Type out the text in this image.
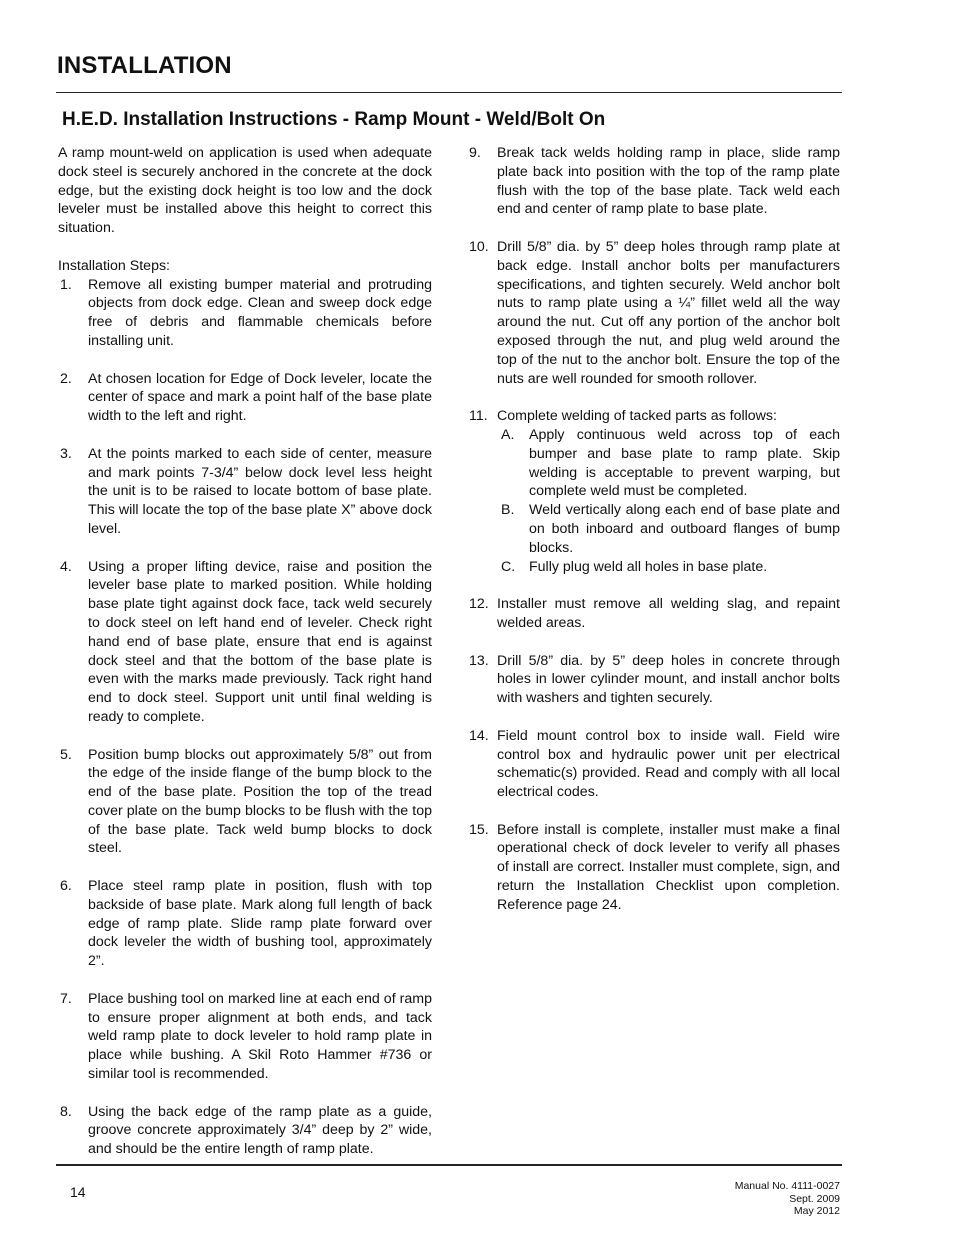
INSTALLATION
H.E.D. Installation Instructions - Ramp Mount - Weld/Bolt On

A ramp mount-weld on application is used when adequate dock steel is securely anchored in the concrete at the dock edge, but the existing dock height is too low and the dock leveler must be installed above this height to correct this situation.

Installation Steps:

1. Remove all existing bumper material and protruding objects from dock edge. Clean and sweep dock edge free of debris and flammable chemicals before installing unit.
2. At chosen location for Edge of Dock leveler, locate the center of space and mark a point half of the base plate width to the left and right.
3. At the points marked to each side of center, measure and mark points 7-3/4” below dock level less height the unit is to be raised to locate bottom of base plate. This will locate the top of the base plate X” above dock level.
4. Using a proper lifting device, raise and position the leveler base plate to marked position. While holding base plate tight against dock face, tack weld securely to dock steel on left hand end of leveler. Check right hand end of base plate, ensure that end is against dock steel and that the bottom of the base plate is even with the marks made previously. Tack right hand end to dock steel. Support unit until final welding is ready to complete.
5. Position bump blocks out approximately 5/8” out from the edge of the inside flange of the bump block to the end of the base plate. Position the top of the tread cover plate on the bump blocks to be flush with the top of the base plate. Tack weld bump blocks to dock steel.
6. Place steel ramp plate in position, flush with top backside of base plate. Mark along full length of back edge of ramp plate. Slide ramp plate forward over dock leveler the width of bushing tool, approximately 2”.
7. Place bushing tool on marked line at each end of ramp to ensure proper alignment at both ends, and tack weld ramp plate to dock leveler to hold ramp plate in place while bushing. A Skil Roto Hammer #736 or similar tool is recommended.
8. Using the back edge of the ramp plate as a guide, groove concrete approximately 3/4” deep by 2” wide, and should be the entire length of ramp plate.
9. Break tack welds holding ramp in place, slide ramp plate back into position with the top of the ramp plate flush with the top of the base plate. Tack weld each end and center of ramp plate to base plate.
10. Drill 5/8” dia. by 5” deep holes through ramp plate at back edge. Install anchor bolts per manufacturers specifications, and tighten securely. Weld anchor bolt nuts to ramp plate using a ¼” fillet weld all the way around the nut. Cut off any portion of the anchor bolt exposed through the nut, and plug weld around the top of the nut to the anchor bolt. Ensure the top of the nuts are well rounded for smooth rollover.
11. Complete welding of tacked parts as follows:
A. Apply continuous weld across top of each bumper and base plate to ramp plate. Skip welding is acceptable to prevent warping, but complete weld must be completed.
B. Weld vertically along each end of base plate and on both inboard and outboard flanges of bump blocks.
C. Fully plug weld all holes in base plate.
12. Installer must remove all welding slag, and repaint welded areas.
13. Drill 5/8” dia. by 5” deep holes in concrete through holes in lower cylinder mount, and install anchor bolts with washers and tighten securely.
14. Field mount control box to inside wall. Field wire control box and hydraulic power unit per electrical schematic(s) provided. Read and comply with all local electrical codes.
15. Before install is complete, installer must make a final operational check of dock leveler to verify all phases of install are correct. Installer must complete, sign, and return the Installation Checklist upon completion. Reference page 24.
14	Manual No. 4111-0027
Sept. 2009
May 2012
